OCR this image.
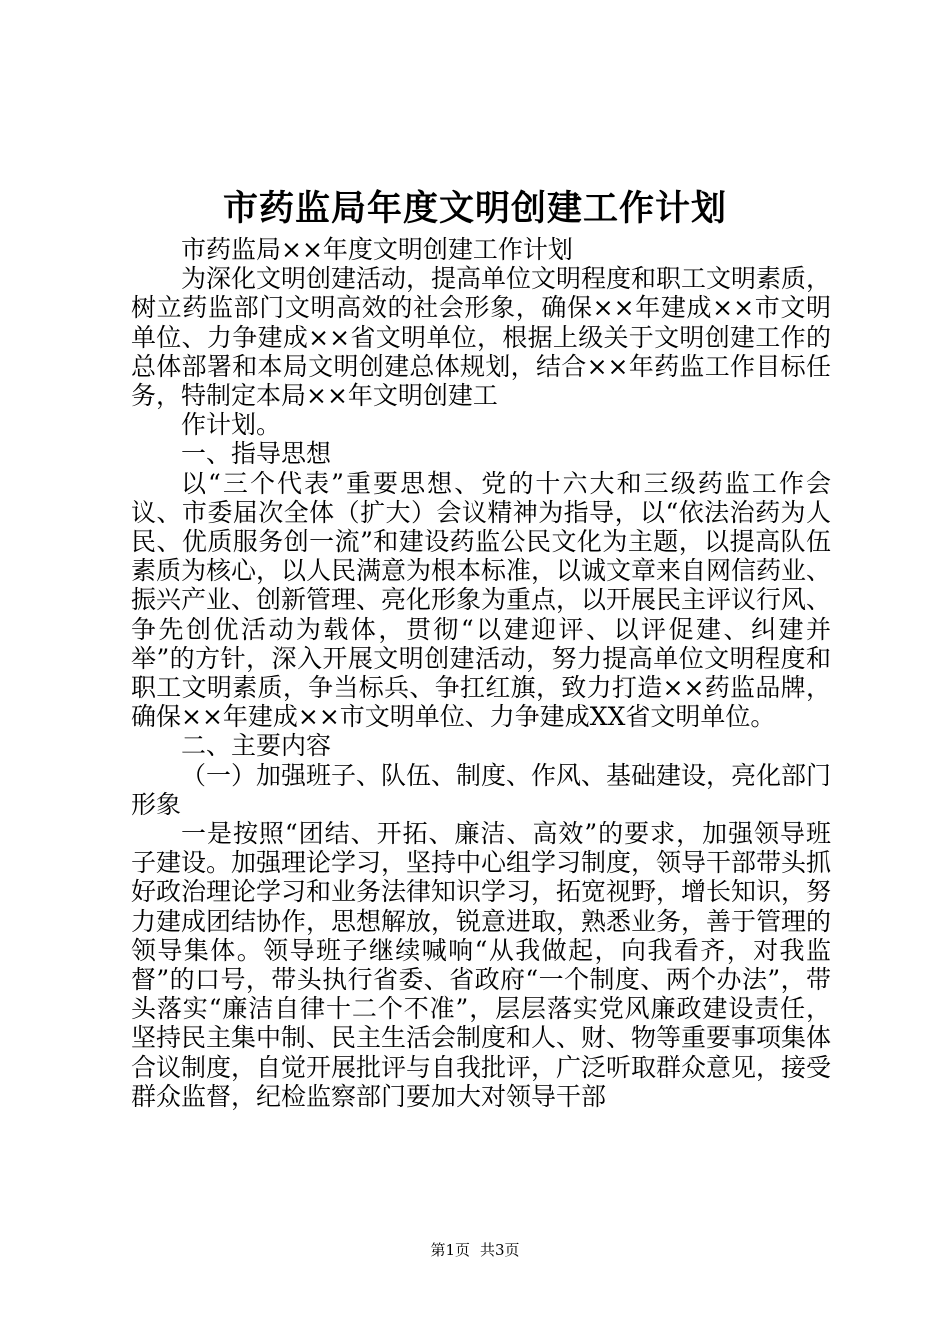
市药监局年度文明创建工作计划

市药监局××年度文明创建工作计划

为深化文明创建活动，提高单位文明程度和职工文明素质，树立药监部门文明高效的社会形象，确保××年建成××市文明单位、力争建成××省文明单位，根据上级关于文明创建工作的总体部署和本局文明创建总体规划，结合××年药监工作目标任务，特制定本局××年文明创建工

作计划。

一、指导思想

以“三个代表”重要思想、党的十六大和三级药监工作会议、市委届次全体（扩大）会议精神为指导，以“依法治药为人民、优质服务创一流”和建设药监公民文化为主题，以提高队伍素质为核心，以人民满意为根本标准，以诚文章来自网信药业、振兴产业、创新管理、亮化形象为重点，以开展民主评议行风、争先创优活动为载体，贯彻“以建迎评、以评促建、纠建并举”的方针，深入开展文明创建活动，努力提高单位文明程度和职工文明素质，争当标兵、争扛红旗，致力打造××药监品牌，确保××年建成××市文明单位、力争建成XX省文明单位。

二、主要内容

（一）加强班子、队伍、制度、作风、基础建设，亮化部门形象

一是按照“团结、开拓、廉洁、高效”的要求，加强领导班子建设。加强理论学习，坚持中心组学习制度，领导干部带头抓好政治理论学习和业务法律知识学习，拓宽视野，增长知识，努力建成团结协作，思想解放，锐意进取，熟悉业务，善于管理的领导集体。领导班子继续喊响“从我做起，向我看齐，对我监督”的口号，带头执行省委、省政府“一个制度、两个办法”，带头落实“廉洁自律十二个不准”，层层落实党风廉政建设责任，坚持民主集中制、民主生活会制度和人、财、物等重要事项集体合议制度，自觉开展批评与自我批评，广泛听取群众意见，接受群众监督，纪检监察部门要加大对领导干部

第1页 共3页
